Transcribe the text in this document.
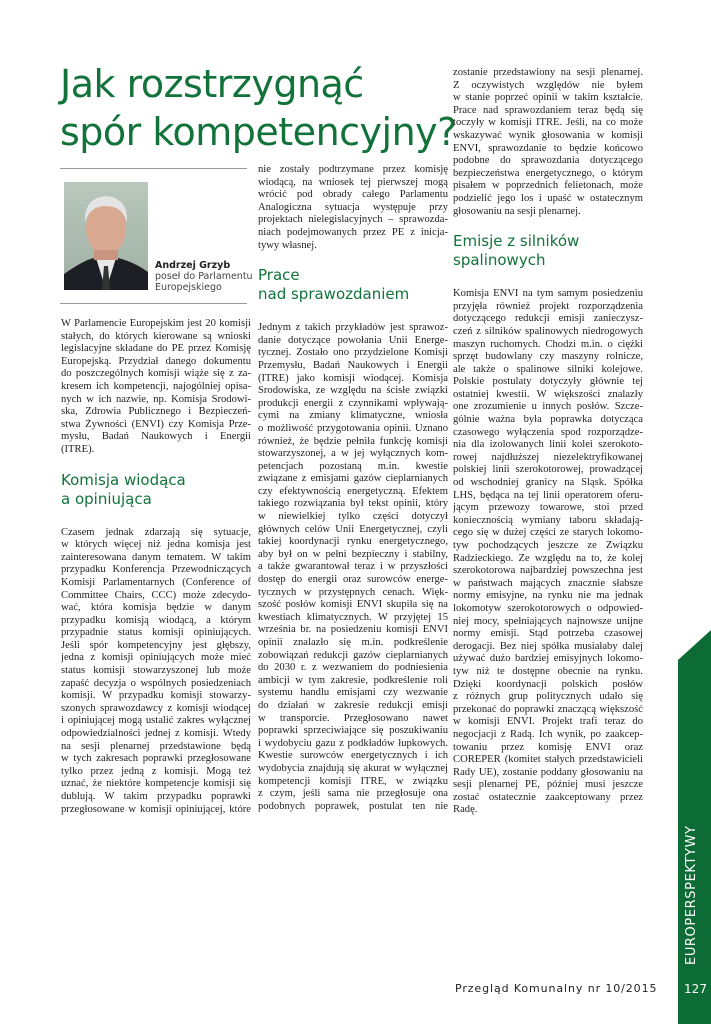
Jak rozstrzygnąć
spór kompetencyjny?
Andrzej Grzyb
poseł do Parlamentu
Europejskiego
W Parlamencie Europejskim jest 20 komisji
stałych, do których kierowane są wnioski
legislacyjne składane do PE przez Komisję
Europejską. Przydział danego dokumentu
do poszczególnych komisji wiąże się z za-
kresem ich kompetencji, najogólniej opisa-
nych w ich nazwie, np. Komisja Środowi-
ska, Zdrowia Publicznego i Bezpieczeń-
stwa Żywności (ENVI) czy Komisja Prze-
mysłu, Badań Naukowych i Energii
(ITRE).
Komisja wiodąca
a opiniująca
Czasem jednak zdarzają się sytuacje,
w których więcej niż jedna komisja jest
zainteresowana danym tematem. W takim
przypadku Konferencja Przewodniczących
Komisji Parlamentarnych (Conference of
Committee Chairs, CCC) może zdecydo-
wać, która komisja będzie w danym
przypadku komisją wiodącą, a którym
przypadnie status komisji opiniujących.
Jeśli spór kompetencyjny jest głębszy,
jedna z komisji opiniujących może mieć
status komisji stowarzyszonej lub może
zapaść decyzja o wspólnych posiedzeniach
komisji. W przypadku komisji stowarzy-
szonych sprawozdawcy z komisji wiodącej
i opiniującej mogą ustalić zakres wyłącznej
odpowiedzialności jednej z komisji. Wtedy
na sesji plenarnej przedstawione będą
w tych zakresach poprawki przegłosowane
tylko przez jedną z komisji. Mogą też
uznać, że niektóre kompetencje komisji się
dublują. W takim przypadku poprawki
przegłosowane w komisji opiniującej, które
nie zostały podtrzymane przez komisję
wiodącą, na wniosek tej pierwszej mogą
wrócić pod obrady całego Parlamentu
Analogiczna sytuacja występuje przy
projektach nielegislacyjnych – sprawozda-
niach podejmowanych przez PE z inicja-
tywy własnej.
Prace
nad sprawozdaniem
Jednym z takich przykładów jest sprawoz-
danie dotyczące powołania Unii Energe-
tycznej. Zostało ono przydzielone Komisji
Przemysłu, Badań Naukowych i Energii
(ITRE) jako komisji wiodącej. Komisja
Środowiska, ze względu na ścisłe związki
produkcji energii z czynnikami wpływają-
cymi na zmiany klimatyczne, wniosła
o możliwość przygotowania opinii. Uznano
również, że będzie pełniła funkcję komisji
stowarzyszonej, a w jej wyłącznych kom-
petencjach pozostaną m.in. kwestie
związane z emisjami gazów cieplarnianych
czy efektywnością energetyczną. Efektem
takiego rozwiązania był tekst opinii, który
w niewielkiej tylko części dotyczył
głównych celów Unii Energetycznej, czyli
takiej koordynacji rynku energetycznego,
aby był on w pełni bezpieczny i stabilny,
a także gwarantował teraz i w przyszłości
dostęp do energii oraz surowców energe-
tycznych w przystępnych cenach. Więk-
szość posłów komisji ENVI skupiła się na
kwestiach klimatycznych. W przyjętej 15
września br. na posiedzeniu komisji ENVI
opinii znalazło się m.in. podkreślenie
zobowiązań redukcji gazów cieplarnianych
do 2030 r. z wezwaniem do podniesienia
ambicji w tym zakresie, podkreślenie roli
systemu handlu emisjami czy wezwanie
do działań w zakresie redukcji emisji
w transporcie. Przegłosowano nawet
poprawki sprzeciwiające się poszukiwaniu
i wydobyciu gazu z podkładów łupkowych.
Kwestie surowców energetycznych i ich
wydobycia znajdują się akurat w wyłącznej
kompetencji komisji ITRE, w związku
z czym, jeśli sama nie przegłosuje ona
podobnych poprawek, postulat ten nie
zostanie przedstawiony na sesji plenarnej.
Z oczywistych względów nie byłem
w stanie poprzeć opinii w takim kształcie.
Prace nad sprawozdaniem teraz będą się
toczyły w komisji ITRE. Jeśli, na co może
wskazywać wynik głosowania w komisji
ENVI, sprawozdanie to będzie końcowo
podobne do sprawozdania dotyczącego
bezpieczeństwa energetycznego, o którym
pisałem w poprzednich felietonach, może
podzielić jego los i upaść w ostatecznym
głosowaniu na sesji plenarnej.
Emisje z silników
spalinowych
Komisja ENVI na tym samym posiedzeniu
przyjęła również projekt rozporządzenia
dotyczącego redukcji emisji zanieczysz-
czeń z silników spalinowych niedrogowych
maszyn ruchomych. Chodzi m.in. o ciężki
sprzęt budowlany czy maszyny rolnicze,
ale także o spalinowe silniki kolejowe.
Polskie postulaty dotyczyły głównie tej
ostatniej kwestii. W większości znalazły
one zrozumienie u innych posłów. Szcze-
gólnie ważna była poprawka dotycząca
czasowego wyłączenia spod rozporządze-
nia dla izolowanych linii kolei szerokoto-
rowej najdłuższej niezelektryfikowanej
polskiej linii szerokotorowej, prowadzącej
od wschodniej granicy na Śląsk. Spółka
LHS, będąca na tej linii operatorem oferu-
jącym przewozy towarowe, stoi przed
koniecznością wymiany taboru składają-
cego się w dużej części ze starych lokomo-
tyw pochodzących jeszcze ze Związku
Radzieckiego. Ze względu na to, że kolej
szerokotorowa najbardziej powszechna jest
w państwach mających znacznie słabsze
normy emisyjne, na rynku nie ma jednak
lokomotyw szerokotorowych o odpowied-
niej mocy, spełniających najnowsze unijne
normy emisji. Stąd potrzeba czasowej
derogacji. Bez niej spółka musiałaby dalej
używać dużo bardziej emisyjnych lokomo-
tyw niż te dostępne obecnie na rynku.
Dzięki koordynacji polskich posłów
z różnych grup politycznych udało się
przekonać do poprawki znaczącą większość
w komisji ENVI. Projekt trafi teraz do
negocjacji z Radą. Ich wynik, po zaakcep-
towaniu przez komisję ENVI oraz
COREPER (komitet stałych przedstawicieli
Rady UE), zostanie poddany głosowaniu na
sesji plenarnej PE, później musi jeszcze
zostać ostatecznie zaakceptowany przez
Radę.
EUROPERSPEKTYWY
127
Przegląd Komunalny nr 10/2015
